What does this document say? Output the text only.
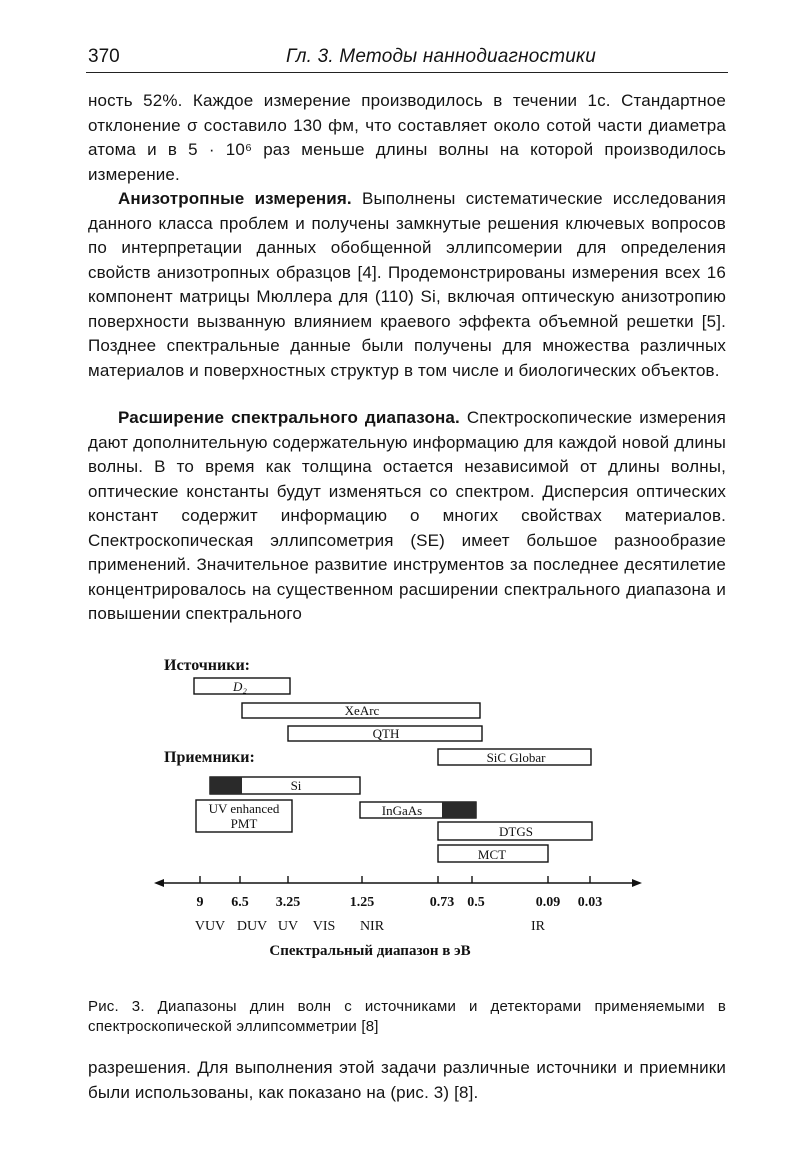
370	Гл. 3. Методы наннодиагностики

ность 52%. Каждое измерение производилось в течении 1с. Стандартное отклонение σ составило 130 фм, что составляет около сотой части диаметра атома и в 5 · 10⁶ раз меньше длины волны на которой производилось измерение.

Анизотропные измерения. Выполнены систематические исследования данного класса проблем и получены замкнутые решения ключевых вопросов по интерпретации данных обобщенной эллипсомерии для определения свойств анизотропных образцов [4]. Продемонстрированы измерения всех 16 компонент матрицы Мюллера для (110) Si, включая оптическую анизотропию поверхности вызванную влиянием краевого эффекта объемной решетки [5]. Позднее спектральные данные были получены для множества различных материалов и поверхностных структур в том числе и биологических объектов.

Расширение спектрального диапазона. Спектроскопические измерения дают дополнительную содержательную информацию для каждой новой длины волны. В то время как толщина остается независимой от длины волны, оптические константы будут изменяться со спектром. Дисперсия оптических констант содержит информацию о многих свойствах материалов. Спектроскопическая эллипсометрия (SE) имеет большое разнообразие применений. Значительное развитие инструментов за последнее десятилетие концентрировалось на существенном расширении спектрального диапазона и повышении спектрального

Источники:
D₂
XeArc
QTH
Приемники:	SiC Globar
Si
UV enhanced
PMT
InGaAs
DTGS
MCT
9 6.5 3.25	1.25	0.73 0.5	0.09 0.03
VUV DUV UV VIS NIR	IR
Спектральный диапазон в эВ
Рис. 3. Диапазоны длин волн с источниками и детекторами применяемыми в спектроскопической эллипсомметрии [8]

разрешения. Для выполнения этой задачи различные источники и приемники были использованы, как показано на (рис. 3) [8].
